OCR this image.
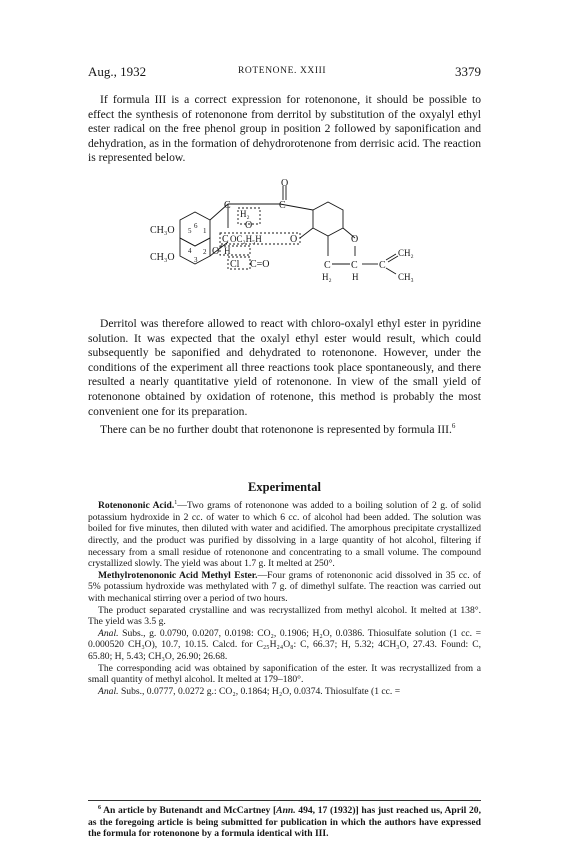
Aug., 1932	ROTENONE. XXIII	3379

If formula III is a correct expression for rotenonone, it should be possible to effect the synthesis of rotenonone from derritol by substitution of the oxyalyl ethyl ester radical on the free phenol group in position 2 followed by saponification and dehydration, as in the formation of dehydrorotenone from derrisic acid. The reaction is represented below.

O
C
C
H₂
O
C OC₂H₅H	O	O
CH₃O
CH₃O
6
1
5
4
3
2 O H
Cl C=O	C C C
H₂ H
CH₂
CH₃

Derritol was therefore allowed to react with chloro-oxalyl ethyl ester in pyridine solution. It was expected that the oxalyl ethyl ester would result, which could subsequently be saponified and dehydrated to rotenonone. However, under the conditions of the experiment all three reactions took place spontaneously, and there resulted a nearly quantitative yield of rotenonone. In view of the small yield of rotenonone obtained by oxidation of rotenone, this method is probably the most convenient one for its preparation.

There can be no further doubt that rotenonone is represented by formula III.$^6$

Experimental

Rotenononic Acid.$^1$—Two grams of rotenonone was added to a boiling solution of 2 g. of solid potassium hydroxide in 2 cc. of water to which 6 cc. of alcohol had been added. The solution was boiled for five minutes, then diluted with water and acidified. The amorphous precipitate crystallized directly, and the product was purified by dissolving in a large quantity of hot alcohol, filtering if necessary from a small residue of rotenonone and concentrating to a small volume. The compound crystallized slowly. The yield was about 1.7 g. It melted at 250°.

Methylrotenononic Acid Methyl Ester.—Four grams of rotenononic acid dissolved in 35 cc. of 5% potassium hydroxide was methylated with 7 g. of dimethyl sulfate. The reaction was carried out with mechanical stirring over a period of two hours.

The product separated crystalline and was recrystallized from methyl alcohol. It melted at 138°. The yield was 3.5 g.

Anal. Subs., g. 0.0790, 0.0207, 0.0198: CO₂, 0.1906; H₂O, 0.0386. Thiosulfate solution (1 cc. = 0.000520 CH₃O), 10.7, 10.15. Calcd. for C₂₅H₂₄O₈: C, 66.37; H, 5.32; 4CH₃O, 27.43. Found: C, 65.80; H, 5.43; CH₃O, 26.90; 26.68.

The corresponding acid was obtained by saponification of the ester. It was recrystallized from a small quantity of methyl alcohol. It melted at 179–180°.

Anal. Subs., 0.0777, 0.0272 g.: CO₂, 0.1864; H₂O, 0.0374. Thiosulfate (1 cc. =

$^6$ An article by Butenandt and McCartney [Ann. 494, 17 (1932)] has just reached us, April 20, as the foregoing article is being submitted for publication in which the authors have expressed the formula for rotenonone by a formula identical with III.
